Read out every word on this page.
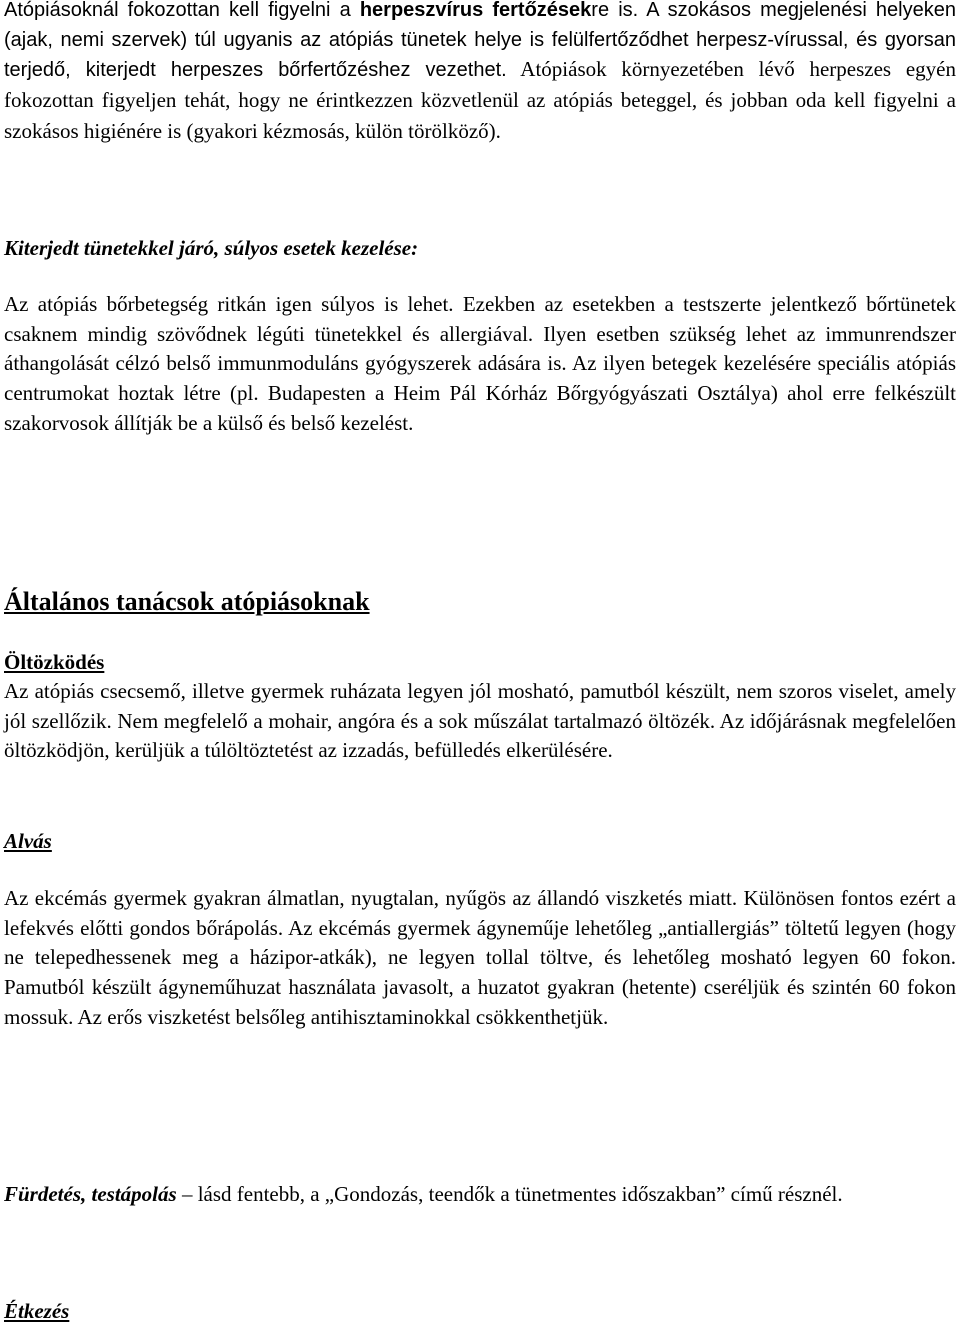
Atópiásoknál fokozottan kell figyelni a herpeszvírus fertőzésekre is. A szokásos megjelenési helyeken (ajak, nemi szervek) túl ugyanis az atópiás tünetek helye is felülfertőződhet herpesz-vírussal, és gyorsan terjedő, kiterjedt herpeszes bőrfertőzéshez vezethet. Atópiások környezetében lévő herpeszes egyén fokozottan figyeljen tehát, hogy ne érintkezzen közvetlenül az atópiás beteggel, és jobban oda kell figyelni a szokásos higiénére is (gyakori kézmosás, külön törölköző).

Kiterjedt tünetekkel járó, súlyos esetek kezelése:

Az atópiás bőrbetegség ritkán igen súlyos is lehet. Ezekben az esetekben a testszerte jelentkező bőrtünetek csaknem mindig szövődnek légúti tünetekkel és allergiával. Ilyen esetben szükség lehet az immunrendszer áthangolását célzó belső immunmoduláns gyógyszerek adására is. Az ilyen betegek kezelésére speciális atópiás centrumokat hoztak létre (pl. Budapesten a Heim Pál Kórház Bőrgyógyászati Osztálya) ahol erre felkészült szakorvosok állítják be a külső és belső kezelést.

Általános tanácsok atópiásoknak

Öltözködés

Az atópiás csecsemő, illetve gyermek ruházata legyen jól mosható, pamutból készült, nem szoros viselet, amely jól szellőzik. Nem megfelelő a mohair, angóra és a sok műszálat tartalmazó öltözék. Az időjárásnak megfelelően öltözködjön, kerüljük a túlöltöztetést az izzadás, befülledés elkerülésére.

Alvás

Az ekcémás gyermek gyakran álmatlan, nyugtalan, nyűgös az állandó viszketés miatt. Különösen fontos ezért a lefekvés előtti gondos bőrápolás. Az ekcémás gyermek ágyneműje lehetőleg „antiallergiás” töltetű legyen (hogy ne telepedhessenek meg a házipor-atkák), ne legyen tollal töltve, és lehetőleg mosható legyen 60 fokon. Pamutból készült ágyneműhuzat használata javasolt, a huzatot gyakran (hetente) cseréljük és szintén 60 fokon mossuk. Az erős viszketést belsőleg antihisztaminokkal csökkenthetjük.

Fürdetés, testápolás – lásd fentebb, a „Gondozás, teendők a tünetmentes időszakban” című résznél.

Étkezés
